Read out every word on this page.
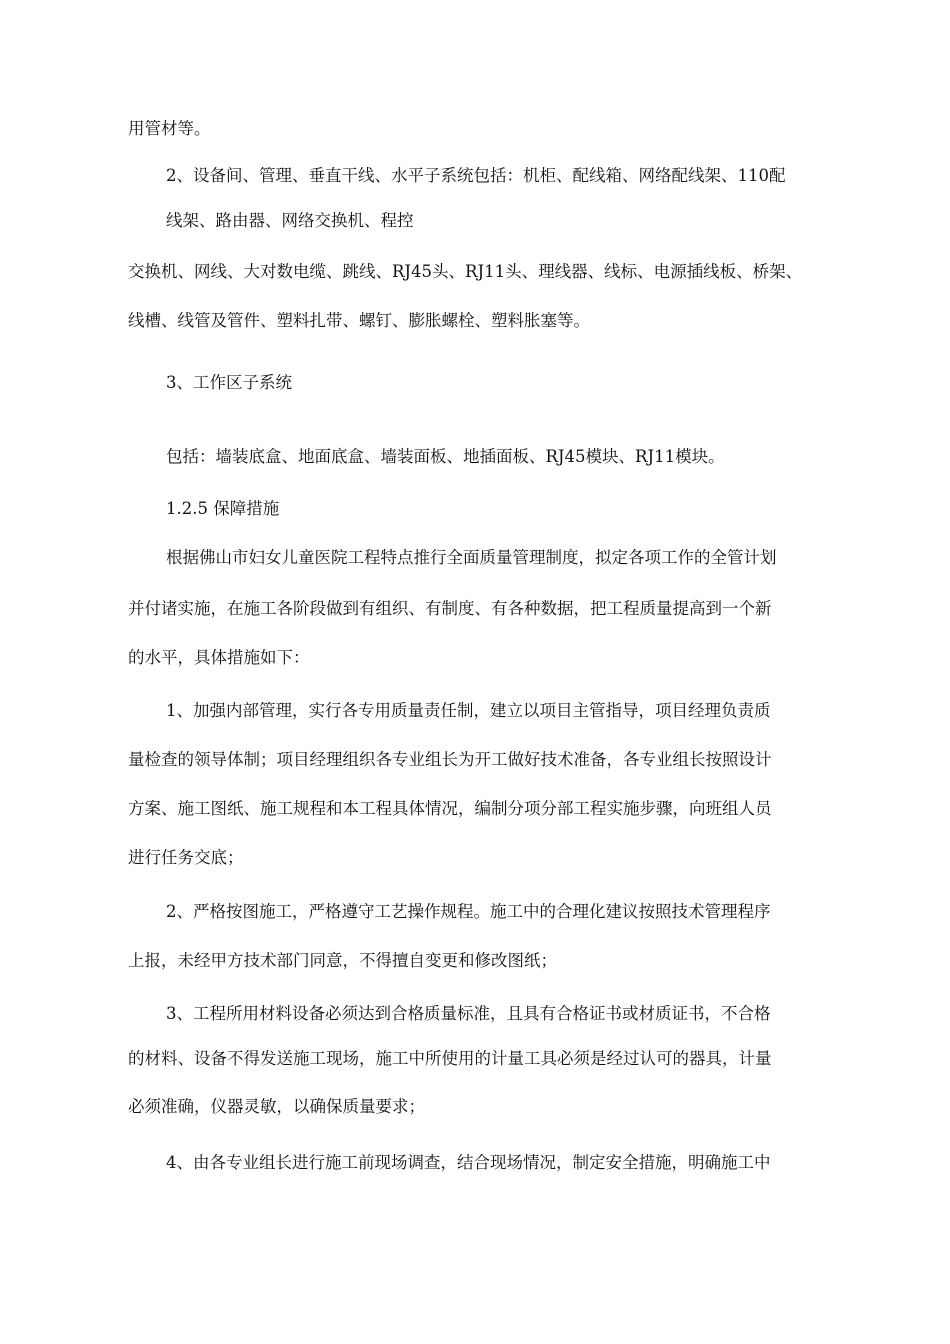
用管材等。
2、设备间、管理、垂直干线、水平子系统包括：机柜、配线箱、网络配线架、110配
线架、路由器、网络交换机、程控
交换机、网线、大对数电缆、跳线、RJ45头、RJ11头、理线器、线标、电源插线板、桥架、
线槽、线管及管件、塑料扎带、螺钉、膨胀螺栓、塑料胀塞等。
3、工作区子系统
包括：墙装底盒、地面底盒、墙装面板、地插面板、RJ45模块、RJ11模块。
1.2.5 保障措施
根据佛山市妇女儿童医院工程特点推行全面质量管理制度，拟定各项工作的全管计划
并付诸实施，在施工各阶段做到有组织、有制度、有各种数据，把工程质量提高到一个新
的水平，具体措施如下：
1、加强内部管理，实行各专用质量责任制，建立以项目主管指导，项目经理负责质
量检查的领导体制；项目经理组织各专业组长为开工做好技术准备，各专业组长按照设计
方案、施工图纸、施工规程和本工程具体情况，编制分项分部工程实施步骤，向班组人员
进行任务交底；
2、严格按图施工，严格遵守工艺操作规程。施工中的合理化建议按照技术管理程序
上报，未经甲方技术部门同意，不得擅自变更和修改图纸；
3、工程所用材料设备必须达到合格质量标准，且具有合格证书或材质证书，不合格
的材料、设备不得发送施工现场，施工中所使用的计量工具必须是经过认可的器具，计量
必须准确，仪器灵敏，以确保质量要求；
4、由各专业组长进行施工前现场调查，结合现场情况，制定安全措施，明确施工中
